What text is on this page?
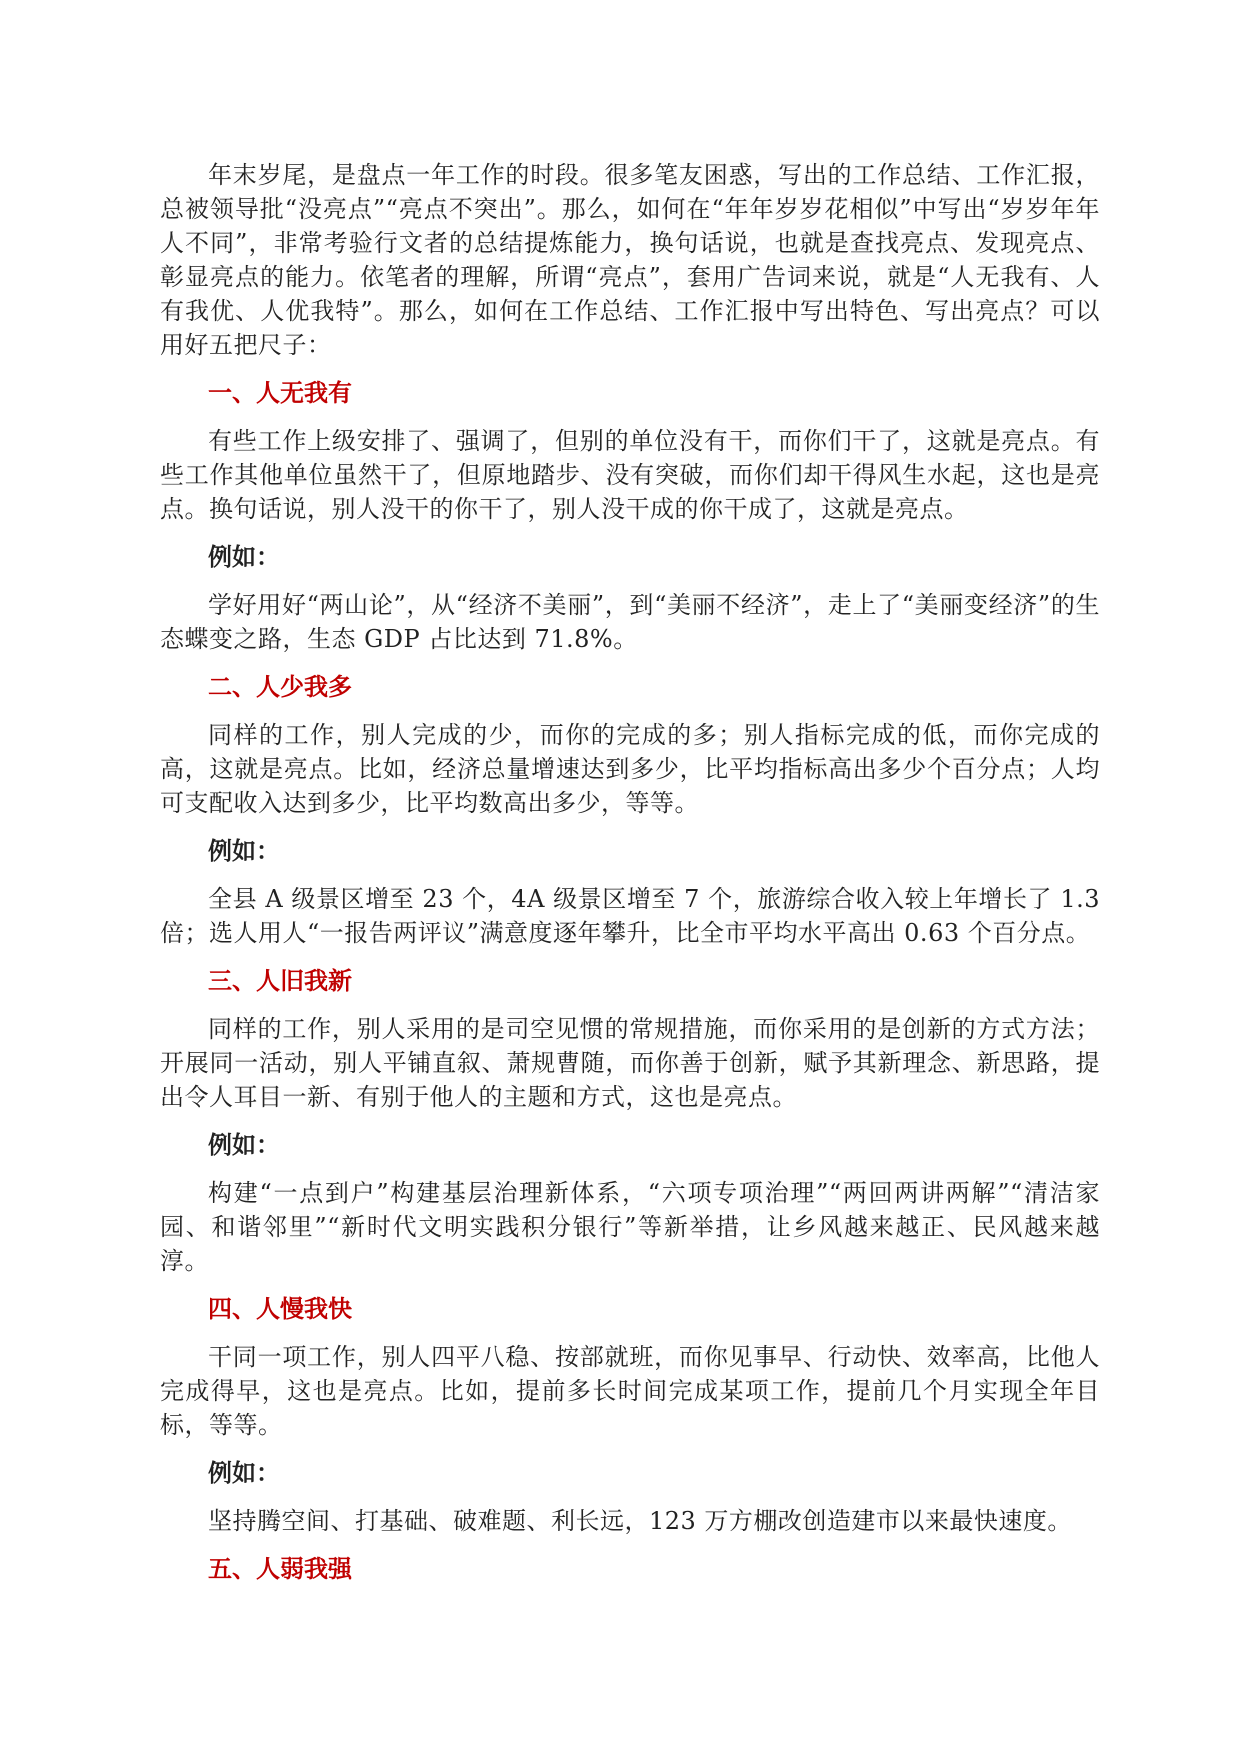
年末岁尾，是盘点一年工作的时段。很多笔友困惑，写出的工作总结、工作汇报，总被领导批“没亮点”“亮点不突出”。那么，如何在“年年岁岁花相似”中写出“岁岁年年人不同”，非常考验行文者的总结提炼能力，换句话说，也就是查找亮点、发现亮点、彰显亮点的能力。依笔者的理解，所谓“亮点”，套用广告词来说，就是“人无我有、人有我优、人优我特”。那么，如何在工作总结、工作汇报中写出特色、写出亮点？可以用好五把尺子：

一、人无我有

有些工作上级安排了、强调了，但别的单位没有干，而你们干了，这就是亮点。有些工作其他单位虽然干了，但原地踏步、没有突破，而你们却干得风生水起，这也是亮点。换句话说，别人没干的你干了，别人没干成的你干成了，这就是亮点。

例如：

学好用好“两山论”，从“经济不美丽”，到“美丽不经济”，走上了“美丽变经济”的生态蝶变之路，生态 GDP 占比达到 71.8%。

二、人少我多

同样的工作，别人完成的少，而你的完成的多；别人指标完成的低，而你完成的高，这就是亮点。比如，经济总量增速达到多少，比平均指标高出多少个百分点；人均可支配收入达到多少，比平均数高出多少，等等。

例如：

全县 A 级景区增至 23 个，4A 级景区增至 7 个，旅游综合收入较上年增长了 1.3 倍；选人用人“一报告两评议”满意度逐年攀升，比全市平均水平高出 0.63 个百分点。

三、人旧我新

同样的工作，别人采用的是司空见惯的常规措施，而你采用的是创新的方式方法；开展同一活动，别人平铺直叙、萧规曹随，而你善于创新，赋予其新理念、新思路，提出令人耳目一新、有别于他人的主题和方式，这也是亮点。

例如：

构建“一点到户”构建基层治理新体系，“六项专项治理”“两回两讲两解”“清洁家园、和谐邻里”“新时代文明实践积分银行”等新举措，让乡风越来越正、民风越来越淳。

四、人慢我快

干同一项工作，别人四平八稳、按部就班，而你见事早、行动快、效率高，比他人完成得早，这也是亮点。比如，提前多长时间完成某项工作，提前几个月实现全年目标，等等。

例如：

坚持腾空间、打基础、破难题、利长远，123 万方棚改创造建市以来最快速度。

五、人弱我强
